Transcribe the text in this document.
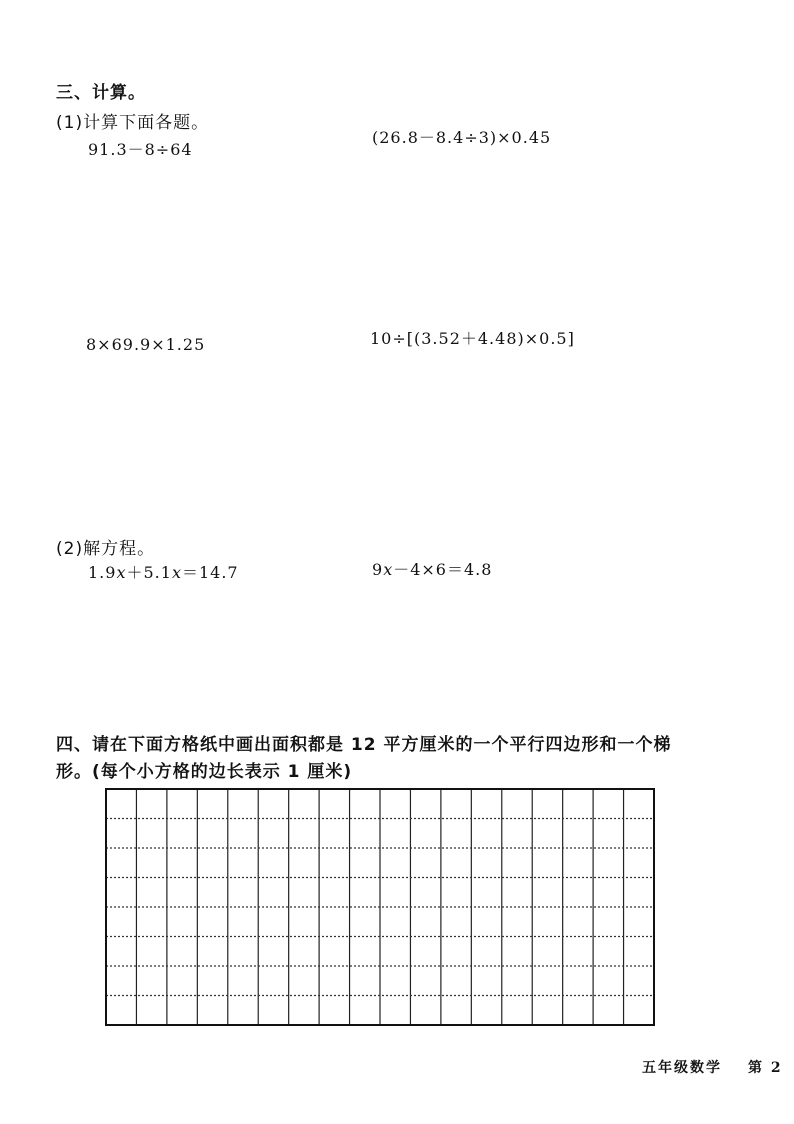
三、计算。
(1)计算下面各题。
91.3－8÷64
(26.8－8.4÷3)×0.45
8×69.9×1.25	10÷[(3.52＋4.48)×0.5]
(2)解方程。
1.9x＋5.1x＝14.7	9x－4×6＝4.8
四、请在下面方格纸中画出面积都是 12 平方厘米的一个平行四边形和一个梯
形。(每个小方格的边长表示 1 厘米)
五年级数学 第 2
